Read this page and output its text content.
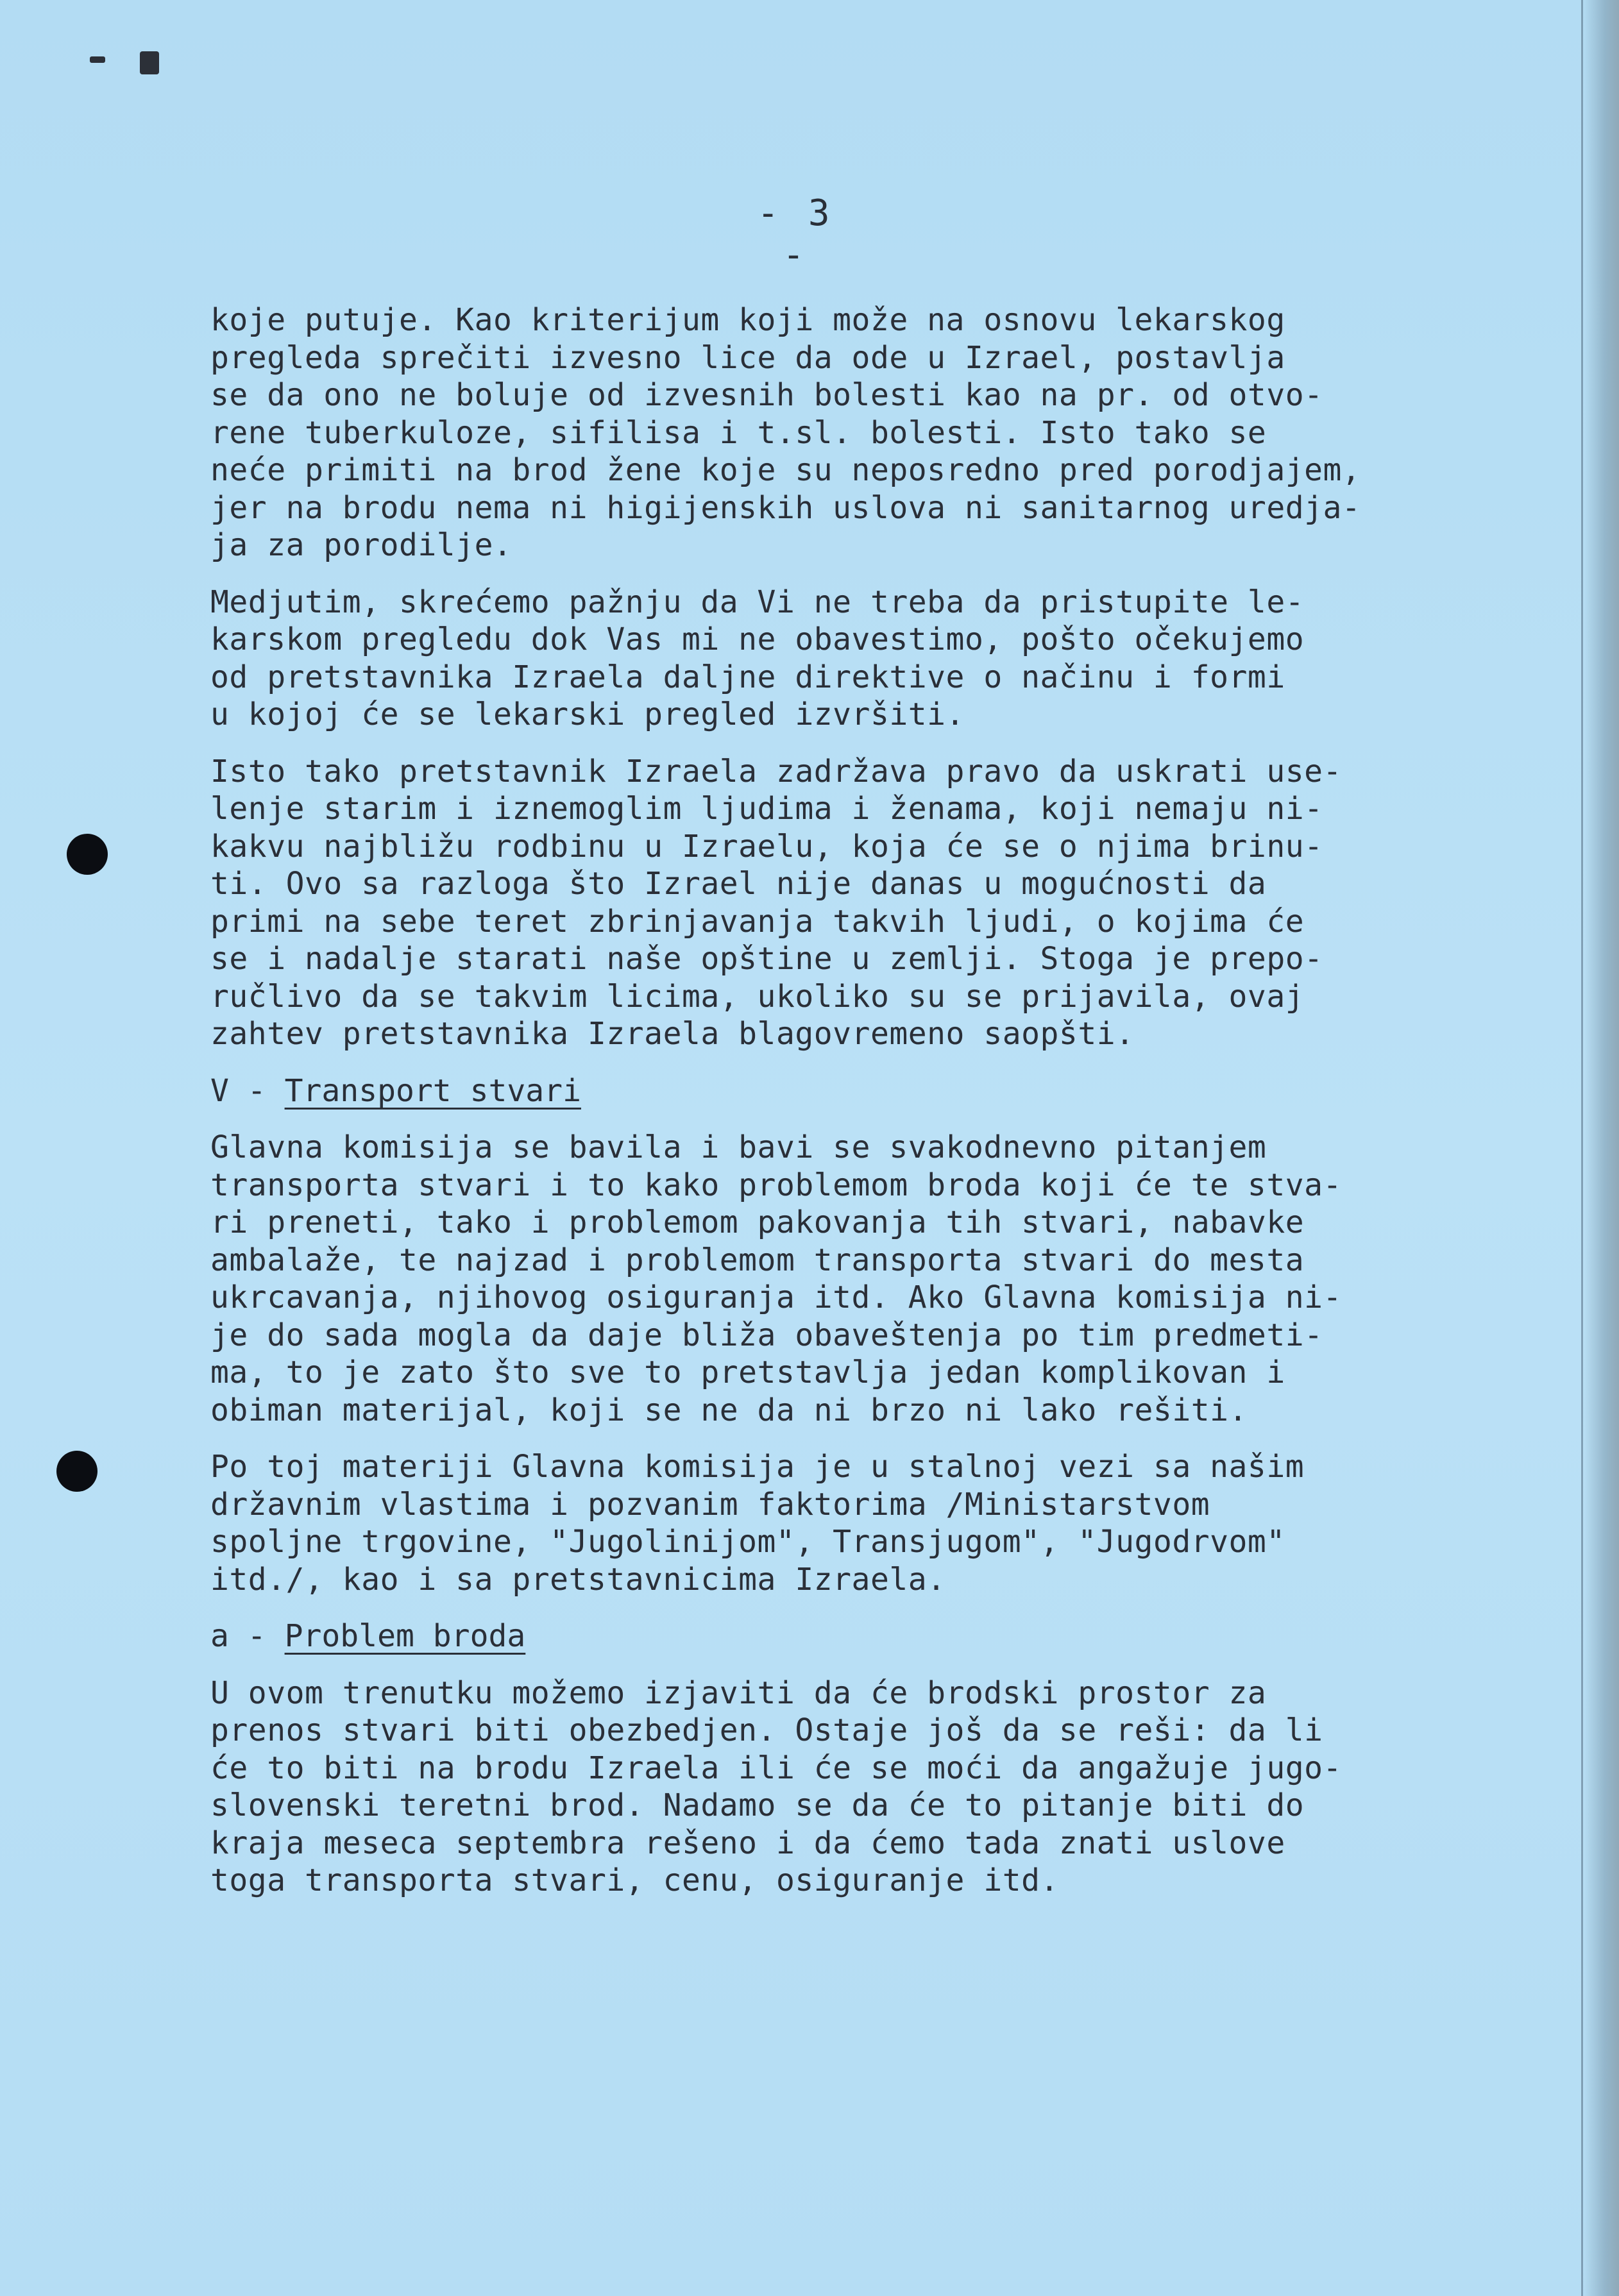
- 3 -
koje putuje. Kao kriterijum koji može na osnovu lekarskog
pregleda sprečiti izvesno lice da ode u Izrael, postavlja
se da ono ne boluje od izvesnih bolesti kao na pr. od otvo-
rene tuberkuloze, sifilisa i t.sl. bolesti. Isto tako se
neće primiti na brod žene koje su neposredno pred porodjajem,
jer na brodu nema ni higijenskih uslova ni sanitarnog uredja-
ja za porodilje.
Medjutim, skrećemo pažnju da Vi ne treba da pristupite le-
karskom pregledu dok Vas mi ne obavestimo, pošto očekujemo
od pretstavnika Izraela daljne direktive o načinu i formi
u kojoj će se lekarski pregled izvršiti.
Isto tako pretstavnik Izraela zadržava pravo da uskrati use-
lenje starim i iznemoglim ljudima i ženama, koji nemaju ni-
kakvu najbližu rodbinu u Izraelu, koja će se o njima brinu-
ti. Ovo sa razloga što Izrael nije danas u mogućnosti da
primi na sebe teret zbrinjavanja takvih ljudi, o kojima će
se i nadalje starati naše opštine u zemlji. Stoga je prepo-
ručlivo da se takvim licima, ukoliko su se prijavila, ovaj
zahtev pretstavnika Izraela blagovremeno saopšti.
V - Transport stvari
Glavna komisija se bavila i bavi se svakodnevno pitanjem
transporta stvari i to kako problemom broda koji će te stva-
ri preneti, tako i problemom pakovanja tih stvari, nabavke
ambalaže, te najzad i problemom transporta stvari do mesta
ukrcavanja, njihovog osiguranja itd. Ako Glavna komisija ni-
je do sada mogla da daje bliža obaveštenja po tim predmeti-
ma, to je zato što sve to pretstavlja jedan komplikovan i
obiman materijal, koji se ne da ni brzo ni lako rešiti.
Po toj materiji Glavna komisija je u stalnoj vezi sa našim
državnim vlastima i pozvanim faktorima /Ministarstvom
spoljne trgovine, "Jugolinijom", Transjugom", "Jugodrvom"
itd./, kao i sa pretstavnicima Izraela.
a - Problem broda
U ovom trenutku možemo izjaviti da će brodski prostor za
prenos stvari biti obezbedjen. Ostaje još da se reši: da li
će to biti na brodu Izraela ili će se moći da angažuje jugo-
slovenski teretni brod. Nadamo se da će to pitanje biti do
kraja meseca septembra rešeno i da ćemo tada znati uslove
toga transporta stvari, cenu, osiguranje itd.
